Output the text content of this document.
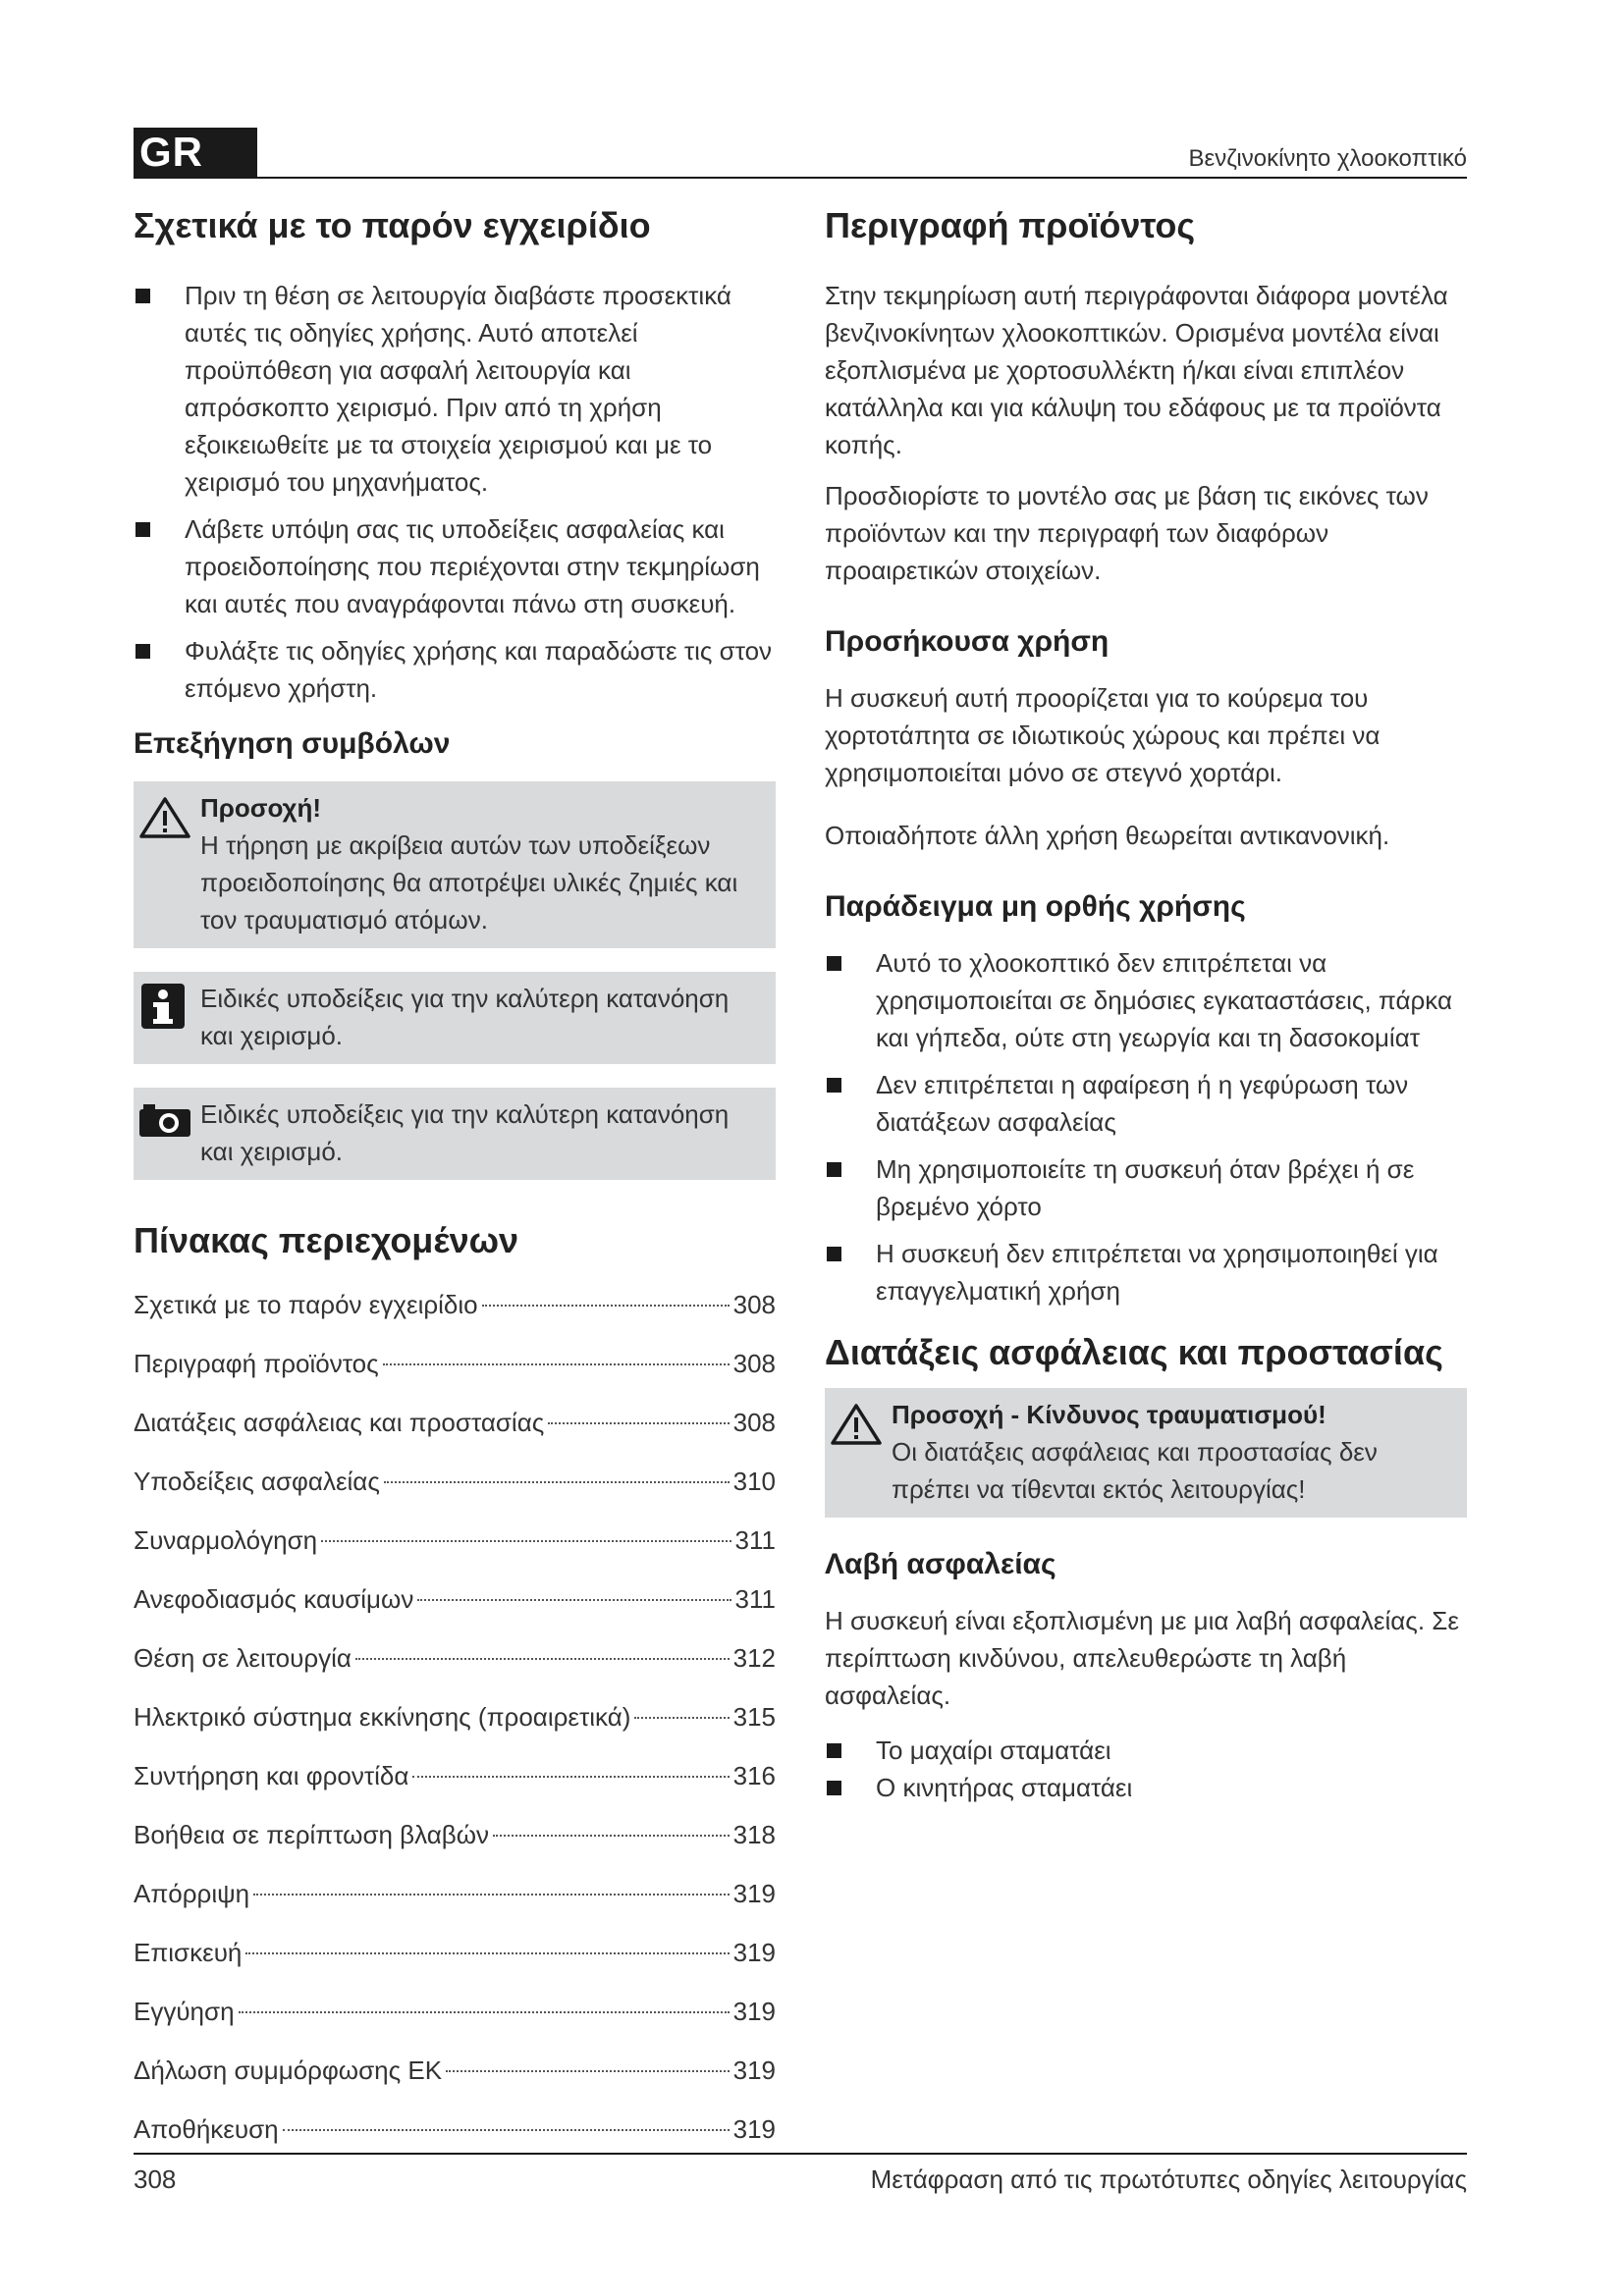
GR	Βενζινοκίνητο χλοοκοπτικό
Σχετικά με το παρόν εγχειρίδιο
Πριν τη θέση σε λειτουργία διαβάστε προσεκτικά αυτές τις οδηγίες χρήσης. Αυτό αποτελεί προϋπόθεση για ασφαλή λειτουργία και απρόσκοπτο χειρισμό. Πριν από τη χρήση εξοικειωθείτε με τα στοιχεία χειρισμού και με το χειρισμό του μηχανήματος.
Λάβετε υπόψη σας τις υποδείξεις ασφαλείας και προειδοποίησης που περιέχονται στην τεκμηρίωση και αυτές που αναγράφονται πάνω στη συσκευή.
Φυλάξτε τις οδηγίες χρήσης και παραδώστε τις στον επόμενο χρήστη.
Επεξήγηση συμβόλων
Προσοχή!
Η τήρηση με ακρίβεια αυτών των υποδείξεων προειδοποίησης θα αποτρέψει υλικές ζημιές και τον τραυματισμό ατόμων.
Ειδικές υποδείξεις για την καλύτερη κατανόηση και χειρισμό.
Ειδικές υποδείξεις για την καλύτερη κατανόηση και χειρισμό.
Πίνακας περιεχομένων
Σχετικά με το παρόν εγχειρίδιο	308
Περιγραφή προϊόντος	308
Διατάξεις ασφάλειας και προστασίας	308
Υποδείξεις ασφαλείας	310
Συναρμολόγηση	311
Ανεφοδιασμός καυσίμων	311
Θέση σε λειτουργία	312
Ηλεκτρικό σύστημα εκκίνησης (προαιρετικά)	315
Συντήρηση και φροντίδα	316
Βοήθεια σε περίπτωση βλαβών	318
Απόρριψη	319
Επισκευή	319
Εγγύηση	319
Δήλωση συμμόρφωσης ΕΚ	319
Αποθήκευση	319
Περιγραφή προϊόντος

Στην τεκμηρίωση αυτή περιγράφονται διάφορα μοντέλα βενζινοκίνητων χλοοκοπτικών. Ορισμένα μοντέλα είναι εξοπλισμένα με χορτοσυλλέκτη ή/και είναι επιπλέον κατάλληλα και για κάλυψη του εδάφους με τα προϊόντα κοπής.

Προσδιορίστε το μοντέλο σας με βάση τις εικόνες των προϊόντων και την περιγραφή των διαφόρων προαιρετικών στοιχείων.

Προσήκουσα χρήση

Η συσκευή αυτή προορίζεται για το κούρεμα του χορτοτάπητα σε ιδιωτικούς χώρους και πρέπει να χρησιμοποιείται μόνο σε στεγνό χορτάρι.

Οποιαδήποτε άλλη χρήση θεωρείται αντικανονική.

Παράδειγμα μη ορθής χρήσης
Αυτό το χλοοκοπτικό δεν επιτρέπεται να χρησιμοποιείται σε δημόσιες εγκαταστάσεις, πάρκα και γήπεδα, ούτε στη γεωργία και τη δασοκομίατ
Δεν επιτρέπεται η αφαίρεση ή η γεφύρωση των διατάξεων ασφαλείας
Μη χρησιμοποιείτε τη συσκευή όταν βρέχει ή σε βρεμένο χόρτο
Η συσκευή δεν επιτρέπεται να χρησιμοποιηθεί για επαγγελματική χρήση
Διατάξεις ασφάλειας και προστασίας
Προσοχή - Κίνδυνος τραυματισμού!
Οι διατάξεις ασφάλειας και προστασίας δεν πρέπει να τίθενται εκτός λειτουργίας!
Λαβή ασφαλείας

Η συσκευή είναι εξοπλισμένη με μια λαβή ασφαλείας. Σε περίπτωση κινδύνου, απελευθερώστε τη λαβή ασφαλείας.

Το μαχαίρι σταματάει
Ο κινητήρας σταματάει
308	Μετάφραση από τις πρωτότυπες οδηγίες λειτουργίας
